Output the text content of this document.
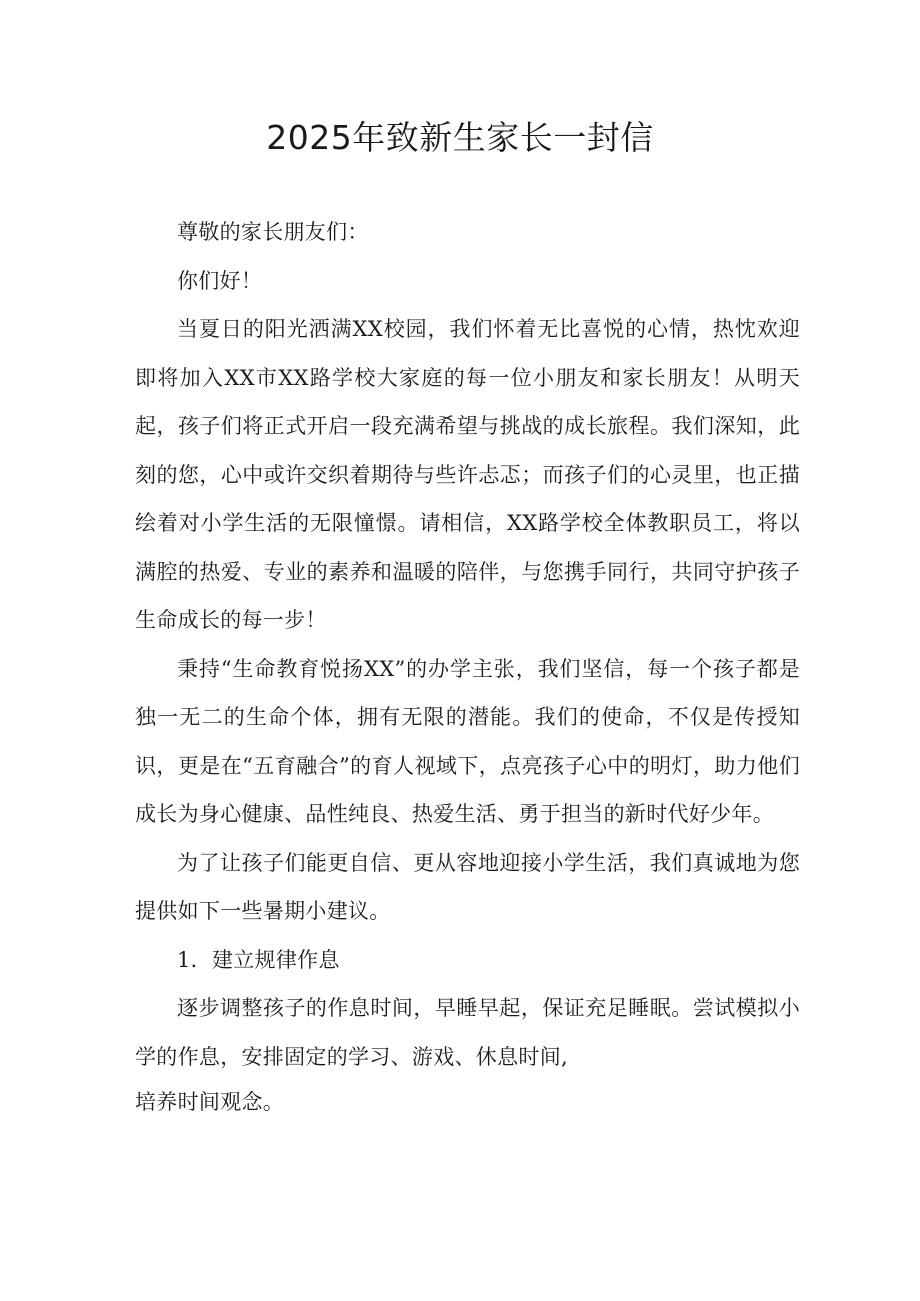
2025年致新生家长一封信

尊敬的家长朋友们：

你们好！

当夏日的阳光洒满XX校园，我们怀着无比喜悦的心情，热忱欢迎即将加入XX市XX路学校大家庭的每一位小朋友和家长朋友！从明天起，孩子们将正式开启一段充满希望与挑战的成长旅程。我们深知，此刻的您，心中或许交织着期待与些许忐忑；而孩子们的心灵里，也正描绘着对小学生活的无限憧憬。请相信，XX路学校全体教职员工，将以满腔的热爱、专业的素养和温暖的陪伴，与您携手同行，共同守护孩子生命成长的每一步！

秉持“生命教育悦扬XX”的办学主张，我们坚信，每一个孩子都是独一无二的生命个体，拥有无限的潜能。我们的使命，不仅是传授知识，更是在“五育融合”的育人视域下，点亮孩子心中的明灯，助力他们成长为身心健康、品性纯良、热爱生活、勇于担当的新时代好少年。

为了让孩子们能更自信、更从容地迎接小学生活，我们真诚地为您提供如下一些暑期小建议。

1．建立规律作息

逐步调整孩子的作息时间，早睡早起，保证充足睡眠。尝试模拟小学的作息，安排固定的学习、游戏、休息时间,

培养时间观念。
